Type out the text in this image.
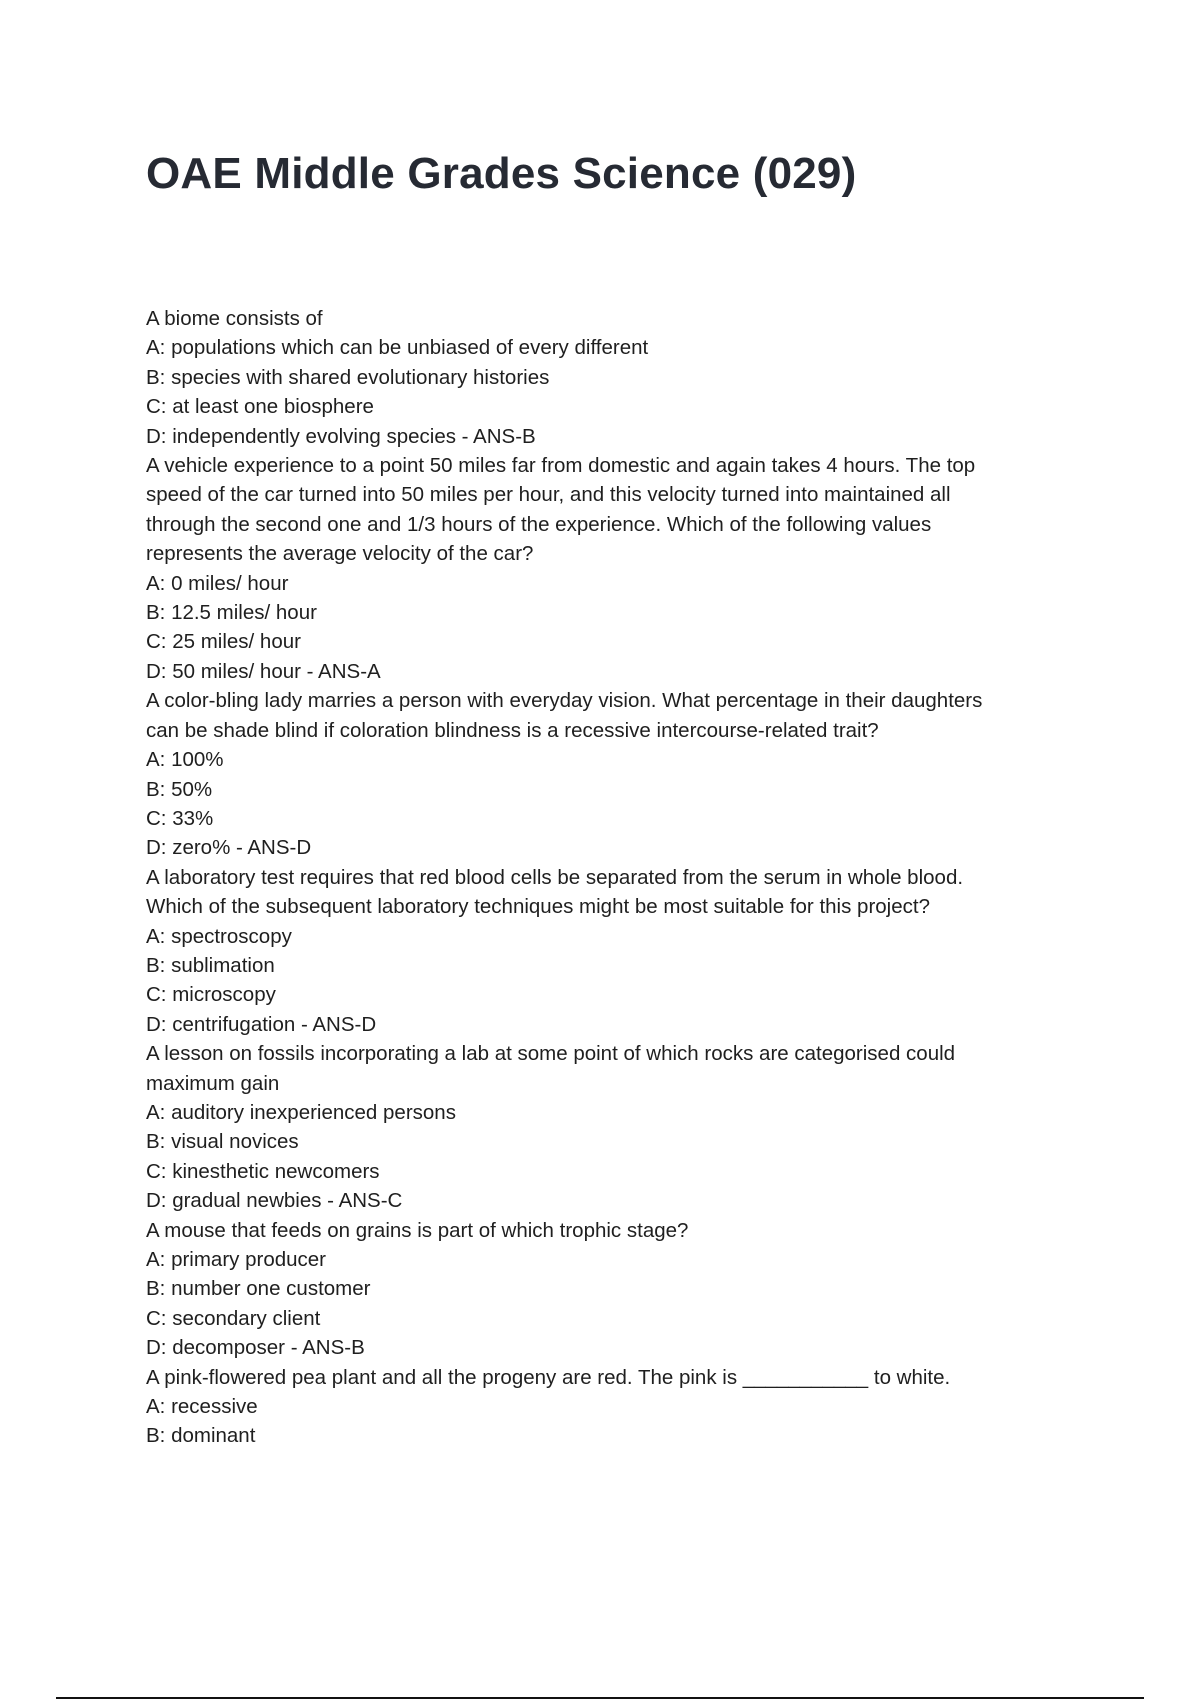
OAE Middle Grades Science (029)
A biome consists of
A: populations which can be unbiased of every different
B: species with shared evolutionary histories
C: at least one biosphere
D: independently evolving species - ANS-B
A vehicle experience to a point 50 miles far from domestic and again takes 4 hours. The top
speed of the car turned into 50 miles per hour, and this velocity turned into maintained all
through the second one and 1/3 hours of the experience. Which of the following values
represents the average velocity of the car?
A: 0 miles/ hour
B: 12.5 miles/ hour
C: 25 miles/ hour
D: 50 miles/ hour - ANS-A
A color-bling lady marries a person with everyday vision. What percentage in their daughters
can be shade blind if coloration blindness is a recessive intercourse-related trait?
A: 100%
B: 50%
C: 33%
D: zero% - ANS-D
A laboratory test requires that red blood cells be separated from the serum in whole blood.
Which of the subsequent laboratory techniques might be most suitable for this project?
A: spectroscopy
B: sublimation
C: microscopy
D: centrifugation - ANS-D
A lesson on fossils incorporating a lab at some point of which rocks are categorised could
maximum gain
A: auditory inexperienced persons
B: visual novices
C: kinesthetic newcomers
D: gradual newbies - ANS-C
A mouse that feeds on grains is part of which trophic stage?
A: primary producer
B: number one customer
C: secondary client
D: decomposer - ANS-B
A pink-flowered pea plant and all the progeny are red. The pink is ___________ to white.
A: recessive
B: dominant
